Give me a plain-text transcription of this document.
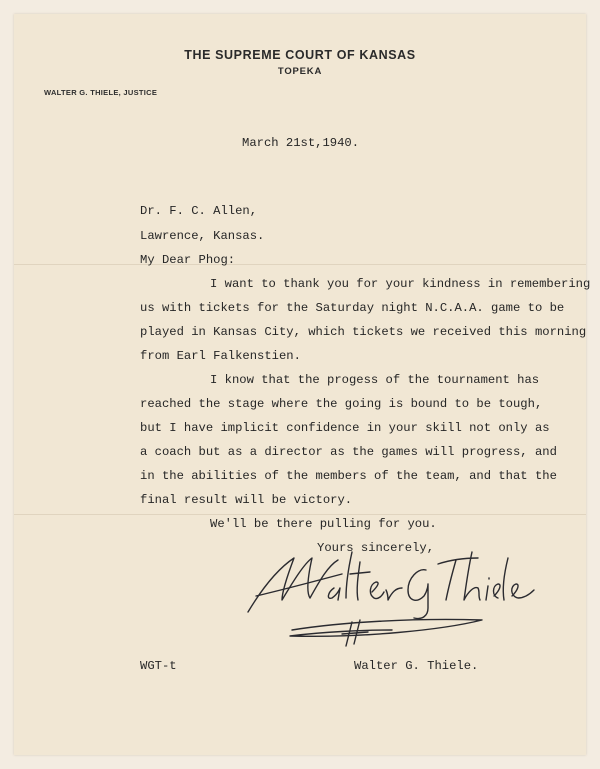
THE SUPREME COURT OF KANSAS
TOPEKA
WALTER G. THIELE, JUSTICE
March 21st,1940.
Dr. F. C. Allen,
Lawrence, Kansas.
My Dear Phog:
I want to thank you for your kindness in remembering
us with tickets for the Saturday night N.C.A.A. game to be
played in Kansas City, which tickets we received this morning
from Earl Falkenstien.
I know that the progess of the tournament has
reached the stage where the going is bound to be tough,
but I have implicit confidence in your skill not only as
a coach but as a director as the games will progress, and
in the abilities of the members of the team, and that the
final result will be victory.
We'll be there pulling for you.
Yours sincerely,
WGT-t	Walter G. Thiele.
